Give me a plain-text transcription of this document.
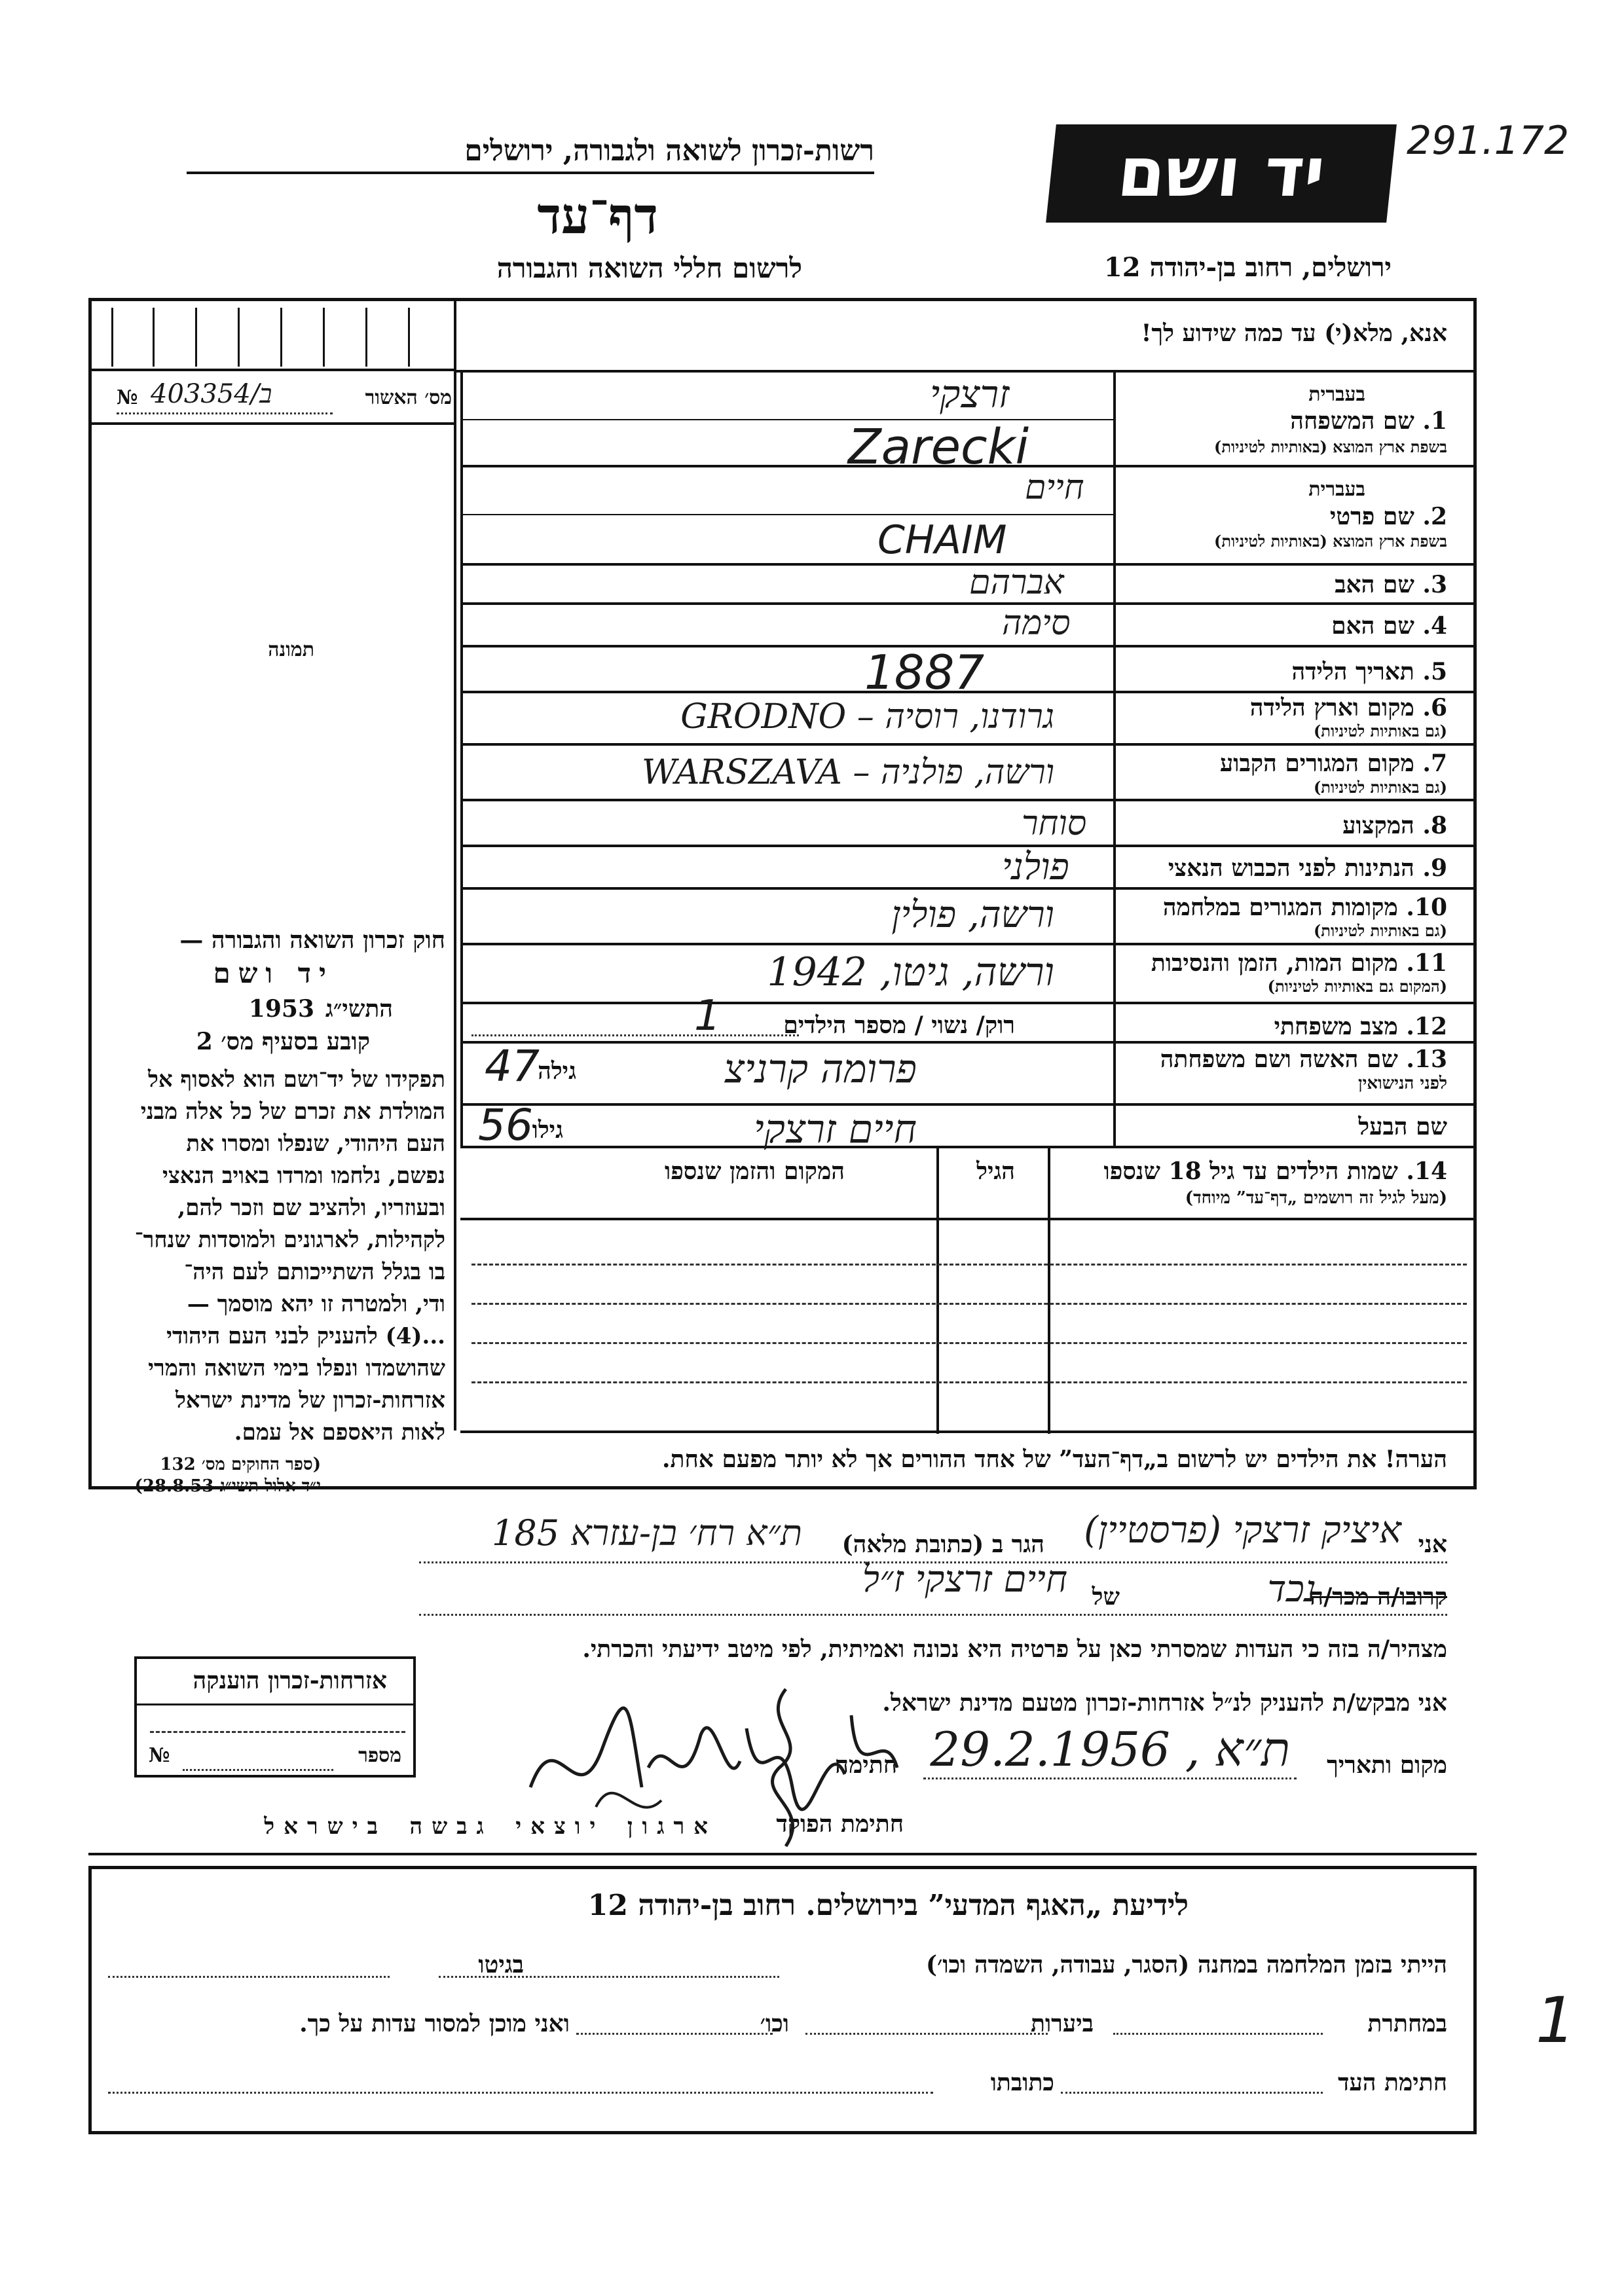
יד ושם	291.172
רשות-זכרון לשואה ולגבורה, ירושלים
דף־עד
לרשום חללי השואה והגבורה	ירושלים, רחוב בן-יהודה 12
מס׳ האשור
403354/ב
№
תמונה
אנא, מלא(י) עד כמה שידוע לך!
בעברית
1. שם המשפחה
בשפת ארץ המוצא (באותיות לטיניות)
זרצקי
Zarecki
בעברית
2. שם פרטי
בשפת ארץ המוצא (באותיות לטיניות)
חיים
CHAIM
3. שם האב
אברהם
4. שם האם
סימה
5. תאריך הלידה
1887
6. מקום וארץ הלידה
(גם באותיות לטיניות)
גרודנו, רוסיה – GRODNO
7. מקום המגורים הקבוע
(גם באותיות לטיניות)
ורשה, פולניה – WARSZAVA
8. המקצוע
סוחר
9. הנתינות לפני הכבוש הנאצי
פולני
10. מקומות המגורים במלחמה
(גם באותיות לטיניות)
ורשה, פולין
11. מקום המות, הזמן והנסיבות
(המקום גם באותיות לטיניות)
ורשה, גיטו, 1942
12. מצב משפחתי
רוק/ נשוי / מספר הילדים
1
13. שם האשה ושם משפחתה
לפני הנישואין
פרומה קרניצ
גילה
47
שם הבעל
חיים זרצקי
גילו
56
14. שמות הילדים עד גיל 18 שנספו
(מעל לגיל זה רושמים „דף־עד” מיוחד)
הגיל
המקום והזמן שנספו
הערה! את הילדים יש לרשום ב„דף־העד” של אחד ההורים אך לא יותר מפעם אחת.
חוק זכרון השואה והגבורה —
יד ושם
1953 התשי״ג
קובע בסעיף מס׳ 2
תפקידו של יד־ושם הוא לאסוף אל
המולדת את זכרם של כל אלה מבני
העם היהודי, שנפלו ומסרו את
נפשם, נלחמו ומרדו באויב הנאצי
ובעוזריו, ולהציב שם וזכר להם,
לקהילות, לארגונים ולמוסדות שנחר־
בו בגלל השתייכותם לעם היה־
ודי, ולמטרה זו יהא מוסמך —
...(4) להעניק לבני העם היהודי
שהושמדו ונפלו בימי השואה והמרי
אזרחות-זכרון של מדינת ישראל
לאות היאספם אל עמם.
(ספר החוקים מס׳ 132
י״ד אלול תשי״ג 28.8.53)
אני
איציק זרצקי (פרסטיין)
הגר ב (כתובת מלאה)
ת״א רח׳ בן-עזרא 185
קרובו/ה מכר/ה
נכד
של
חיים זרצקי ז״ל
מצהיר/ה בזה כי העדות שמסרתי כאן על פרטיה היא נכונה ואמיתית, לפי מיטב ידיעתי והכרתי.
אני מבקש/ת להעניק לנ״ל אזרחות-זכרון מטעם מדינת ישראל.
מקום ותאריך
ת״א , 29.2.1956
חתימה
חתימת הפוקד
ארגון יוצאי גבשה בישראל
אזרחות-זכרון הוענקה
מספר
№
לידיעת „האגף המדעי” בירושלים. רחוב בן-יהודה 12
הייתי בזמן המלחמה במחנה (הסגר, עבודה, השמדה וכו׳)
בגיטו
במחתרת
ביערות
וכו׳
ואני מוכן למסור עדות על כך.
חתימת העד
כתובתו
1
